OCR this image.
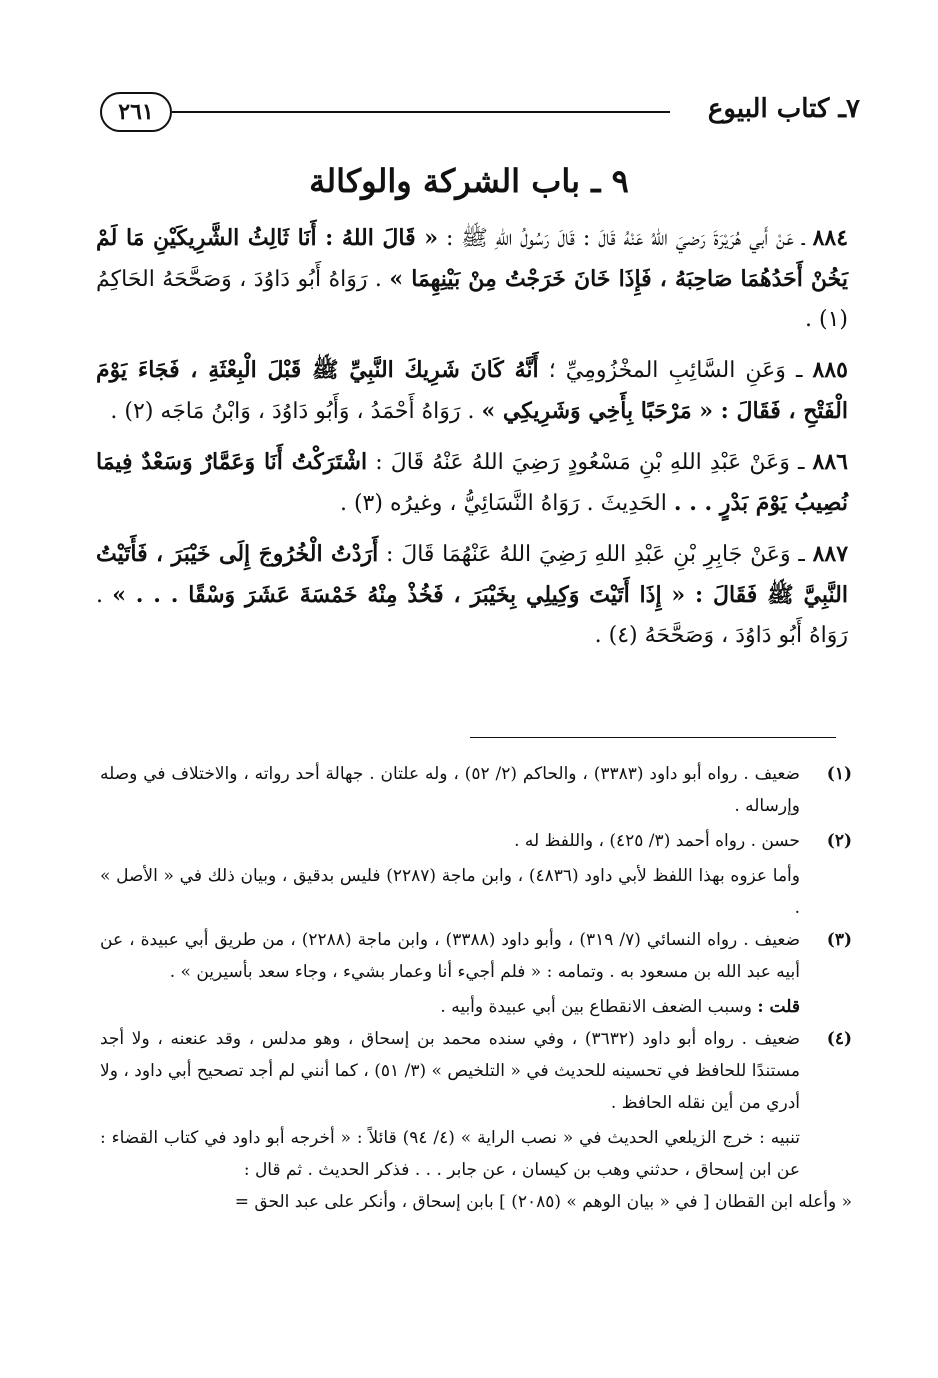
٢٦١	٧ـ كتاب البيوع
٩ ـ باب الشركة والوكالة

٨٨٤ ـ عَنْ أَبي هُرَيْرَةَ رَضيَ اللهُ عَنْهُ قَالَ : قَالَ رَسُولُ اللهِ ﷺ : « قَالَ اللهُ : أَنَا ثَالِثُ الشَّرِيكَيْنِ مَا لَمْ يَخُنْ أَحَدُهُمَا صَاحِبَهُ ، فَإِذَا خَانَ خَرَجْتُ مِنْ بَيْنِهِمَا » . رَوَاهُ أَبُو دَاوُدَ ، وَصَحَّحَهُ الحَاكِمُ (١) .

٨٨٥ ـ وَعَنِ السَّائِبِ المخْزُومِيِّ ؛ أَنَّهُ كَانَ شَرِيكَ النَّبِيِّ ﷺ قَبْلَ الْبِعْثَةِ ، فَجَاءَ يَوْمَ الْفَتْحِ ، فَقَالَ : « مَرْحَبًا بِأَخِي وَشَرِيكِي » . رَوَاهُ أَحْمَدُ ، وَأَبُو دَاوُدَ ، وَابْنُ مَاجَه (٢) .

٨٨٦ ـ وَعَنْ عَبْدِ اللهِ بْنِ مَسْعُودٍ رَضِيَ اللهُ عَنْهُ قَالَ : اشْتَرَكْتُ أَنَا وَعَمَّارٌ وَسَعْدٌ فِيمَا نُصِيبُ يَوْمَ بَدْرٍ . . . الحَدِيثَ . رَوَاهُ النَّسَائِيُّ ، وغيرُه (٣) .

٨٨٧ ـ وَعَنْ جَابِرِ بْنِ عَبْدِ اللهِ رَضِيَ اللهُ عَنْهُمَا قَالَ : أَرَدْتُ الْخُرُوجَ إِلَى خَيْبَرَ ، فَأَتَيْتُ النَّبِيَّ ﷺ فَقَالَ : « إِذَا أَتَيْتَ وَكِيلِي بِخَيْبَرَ ، فَخُذْ مِنْهُ خَمْسَةَ عَشَرَ وَسْقًا . . . » . رَوَاهُ أَبُو دَاوُدَ ، وَصَحَّحَهُ (٤) .

(١)

ضعيف . رواه أبو داود (٣٣٨٣) ، والحاكم (٢/ ٥٢) ، وله علتان . جهالة أحد رواته ، والاختلاف في وصله وإرساله .

(٢)

حسن . رواه أحمد (٣/ ٤٢٥) ، واللفظ له .

وأما عزوه بهذا اللفظ لأبي داود (٤٨٣٦) ، وابن ماجة (٢٢٨٧) فليس بدقيق ، وبيان ذلك في « الأصل » .

(٣)

ضعيف . رواه النسائي (٧/ ٣١٩) ، وأبو داود (٣٣٨٨) ، وابن ماجة (٢٢٨٨) ، من طريق أبي عبيدة ، عن أبيه عبد الله بن مسعود به . وتمامه : « فلم أجيء أنا وعمار بشيء ، وجاء سعد بأسيرين » .

قلت : وسبب الضعف الانقطاع بين أبي عبيدة وأبيه .

(٤)

ضعيف . رواه أبو داود (٣٦٣٢) ، وفي سنده محمد بن إسحاق ، وهو مدلس ، وقد عنعنه ، ولا أجد مستندًا للحافظ في تحسينه للحديث في « التلخيص » (٣/ ٥١) ، كما أنني لم أجد تصحيح أبي داود ، ولا أدري من أين نقله الحافظ .

تنبيه : خرج الزيلعي الحديث في « نصب الراية » (٤/ ٩٤) قائلاً : « أخرجه أبو داود في كتاب القضاء : عن ابن إسحاق ، حدثني وهب بن كيسان ، عن جابر . . . فذكر الحديث . ثم قال :

« وأعله ابن القطان [ في « بيان الوهم » (٢٠٨٥) ] بابن إسحاق ، وأنكر على عبد الحق =
